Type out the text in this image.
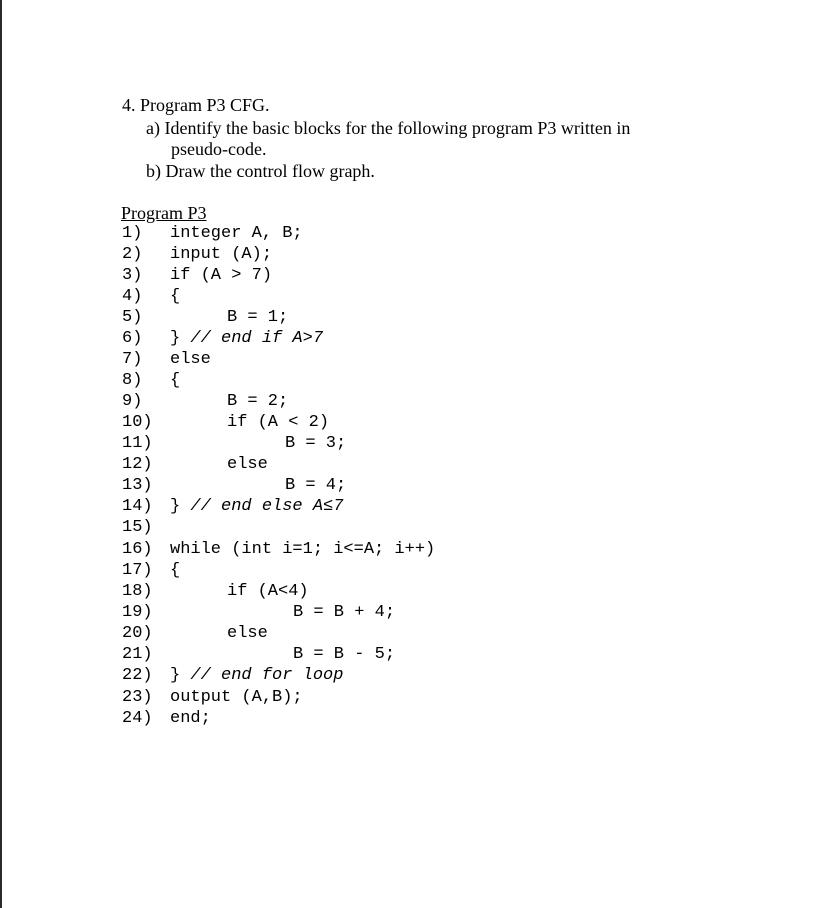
4. Program P3 CFG.
a) Identify the basic blocks for the following program P3 written in
pseudo-code.
b) Draw the control flow graph.
Program P3
1) integer A, B;
2) input (A);
3) if (A > 7)
4) {
5)	B = 1;
6) } // end if A>7
7) else
8) {
9)	B = 2;
10)	if (A < 2)
11)	B = 3;
12)	else
13)	B = 4;
14) } // end else A≤7
15)
16) while (int i=1; i<=A; i++)
17) {
18)	if (A<4)
19)	B = B + 4;
20)	else
21)	B = B - 5;
22) } // end for loop
23) output (A,B);
24) end;
